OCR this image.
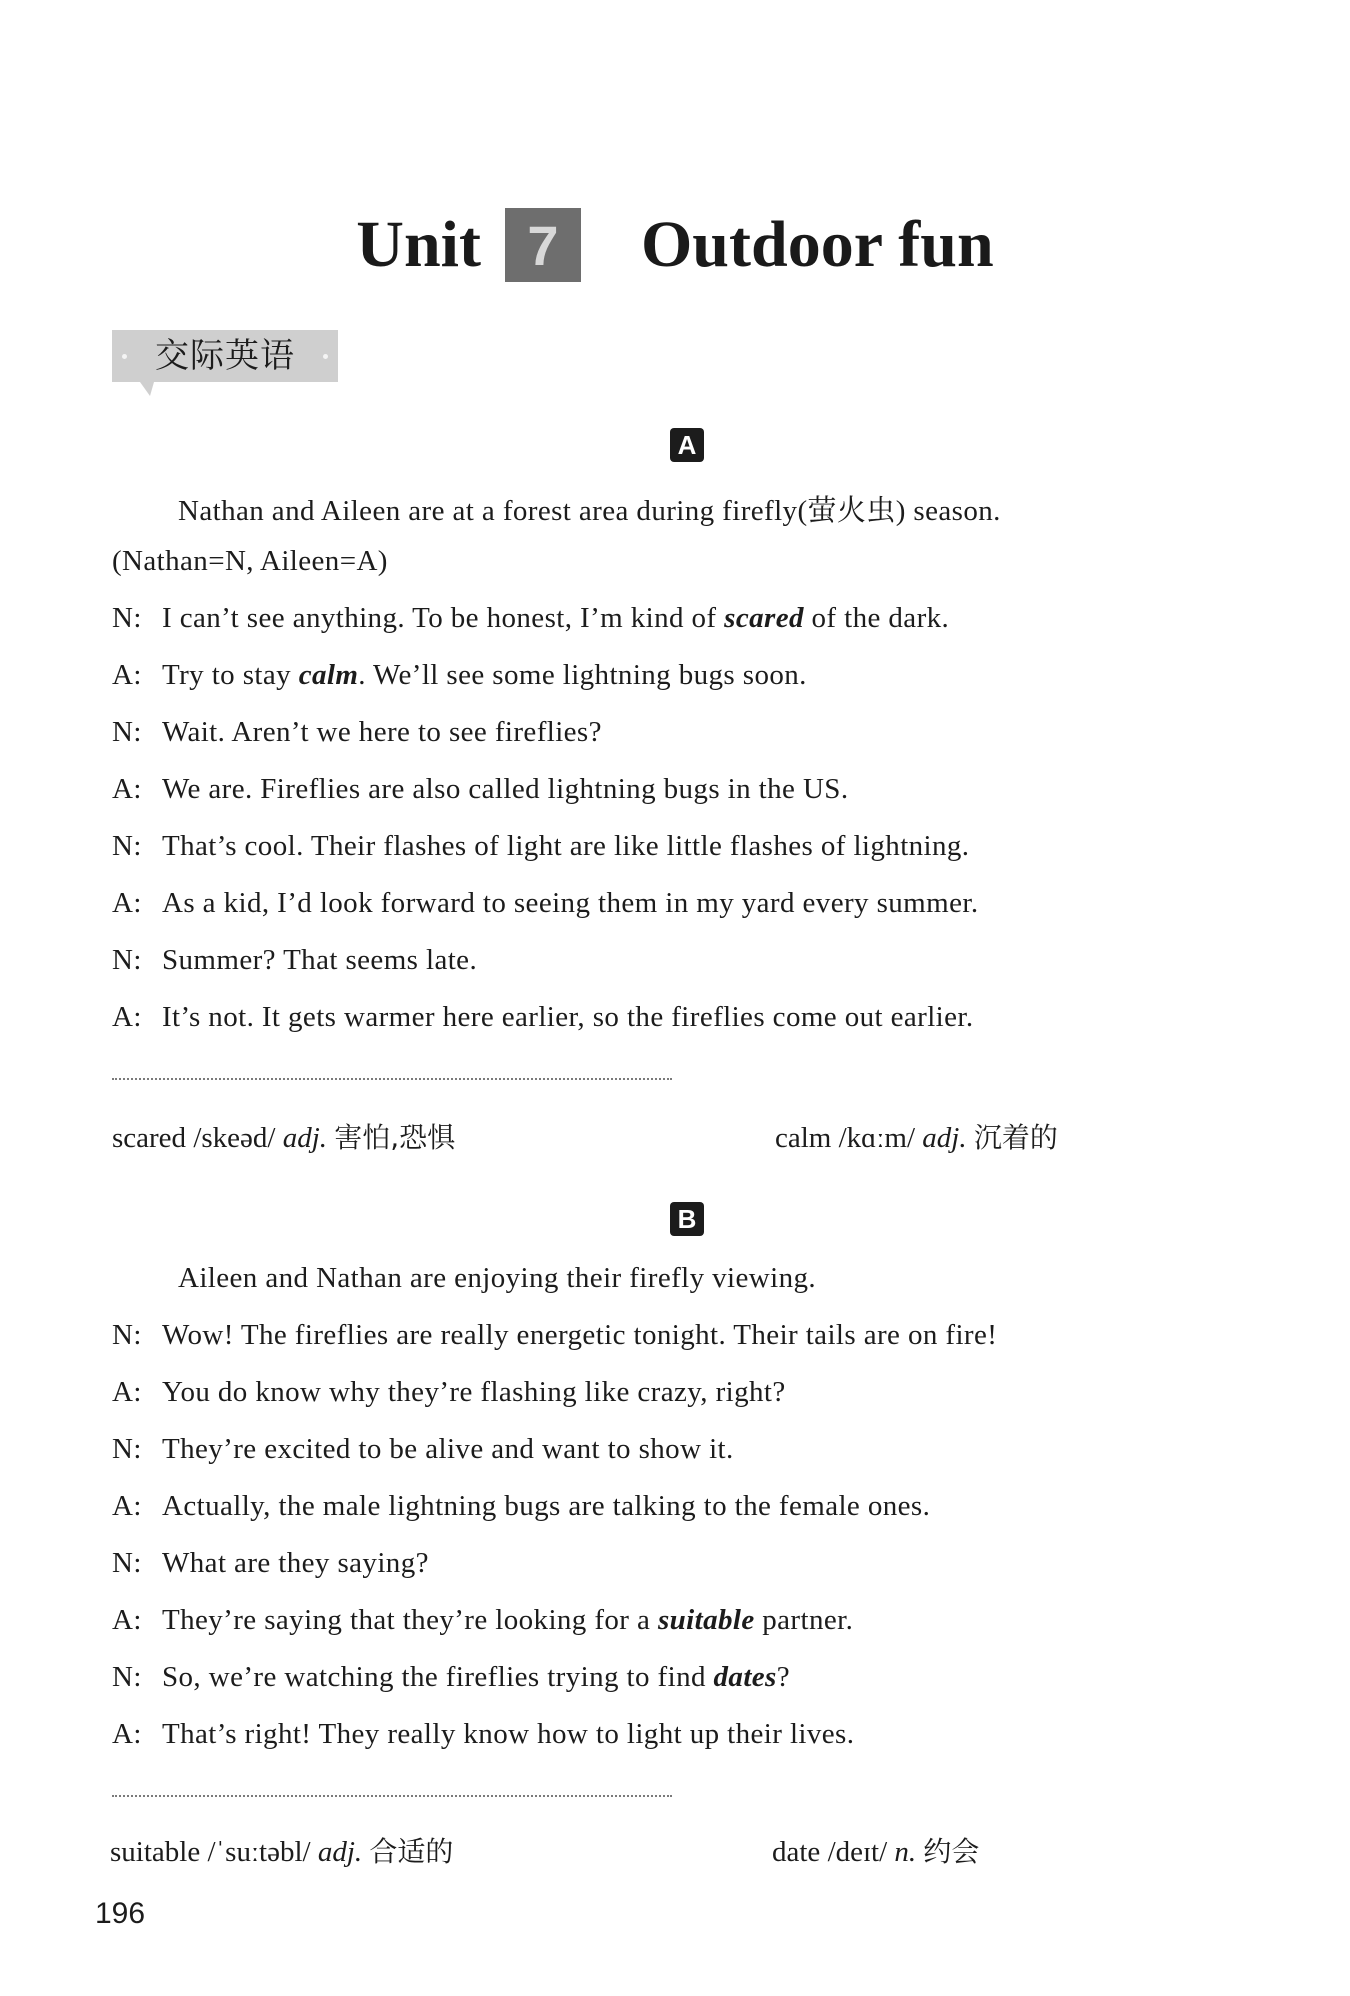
Unit 7	Outdoor fun
交际英语
A
Nathan and Aileen are at a forest area during firefly(萤火虫) season.
(Nathan=N, Aileen=A)
N: I can’t see anything. To be honest, I’m kind of scared of the dark.
A: Try to stay calm. We’ll see some lightning bugs soon.
N: Wait. Aren’t we here to see fireflies?
A: We are. Fireflies are also called lightning bugs in the US.
N: That’s cool. Their flashes of light are like little flashes of lightning.
A: As a kid, I’d look forward to seeing them in my yard every summer.
N: Summer? That seems late.
A: It’s not. It gets warmer here earlier, so the fireflies come out earlier.
scared /skeəd/ adj. 害怕,恐惧	calm /kɑːm/ adj. 沉着的
B
Aileen and Nathan are enjoying their firefly viewing.
N: Wow! The fireflies are really energetic tonight. Their tails are on fire!
A: You do know why they’re flashing like crazy, right?
N: They’re excited to be alive and want to show it.
A: Actually, the male lightning bugs are talking to the female ones.
N: What are they saying?
A: They’re saying that they’re looking for a suitable partner.
N: So, we’re watching the fireflies trying to find dates?
A: That’s right! They really know how to light up their lives.
suitable /ˈsuːtəbl/ adj. 合适的	date /deɪt/ n. 约会
196
